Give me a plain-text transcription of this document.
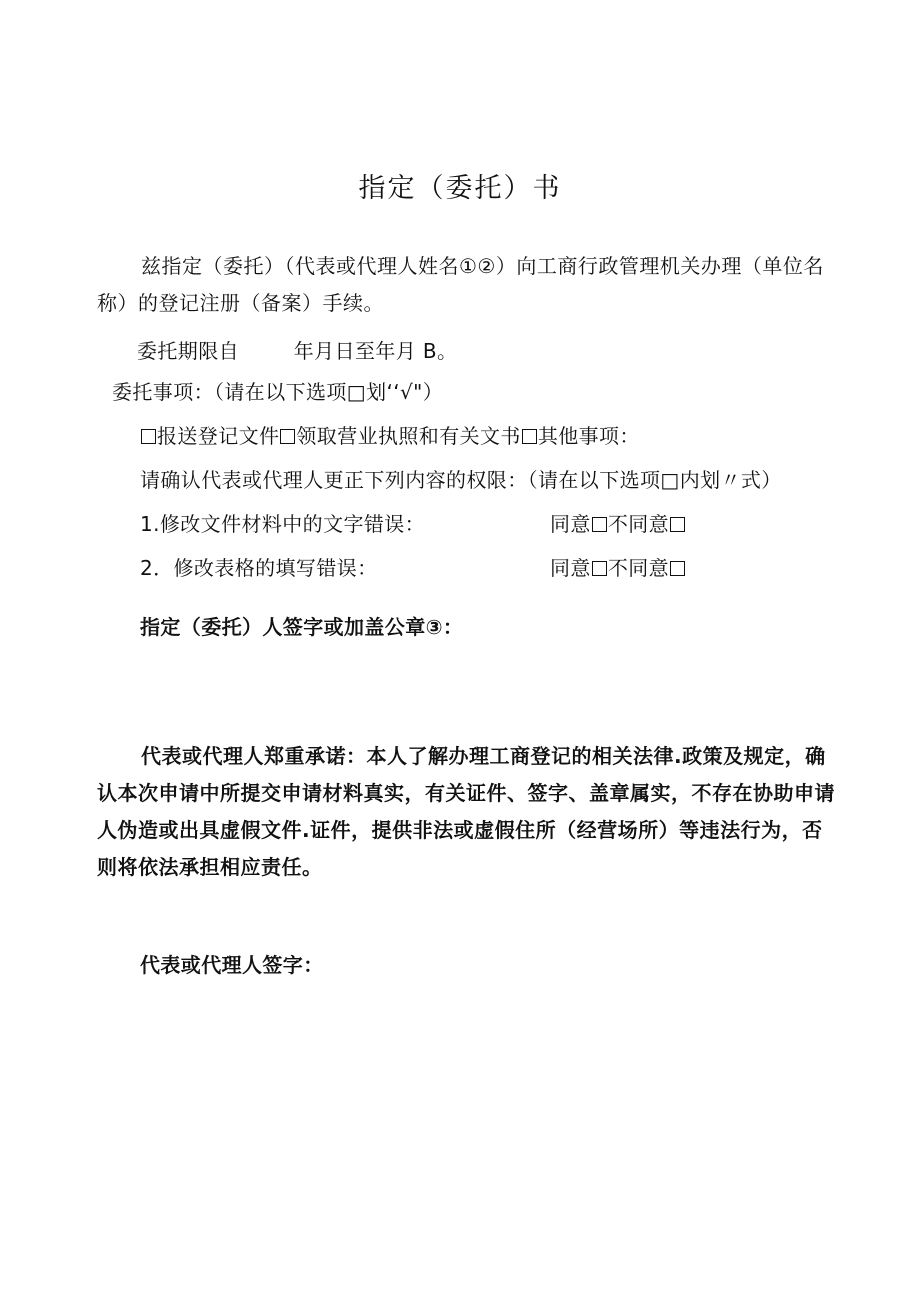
指定（委托）书
兹指定（委托）（代表或代理人姓名①②）向工商行政管理机关办理（单位名称）的登记注册（备案）手续。
委托期限自	年月日至年月 B。
委托事项：（请在以下选项□划‘‘√"）
报送登记文件 领取营业执照和有关文书 其他事项：
请确认代表或代理人更正下列内容的权限：（请在以下选项□内划〃式）
1.修改文件材料中的文字错误：	同意 不同意
2．修改表格的填写错误：	同意 不同意
指定（委托）人签字或加盖公章③：
代表或代理人郑重承诺：本人了解办理工商登记的相关法律.政策及规定，确认本次申请中所提交申请材料真实，有关证件、签字、盖章属实，不存在协助申请人伪造或出具虚假文件.证件，提供非法或虚假住所（经营场所）等违法行为，否则将依法承担相应责任。
代表或代理人签字：
